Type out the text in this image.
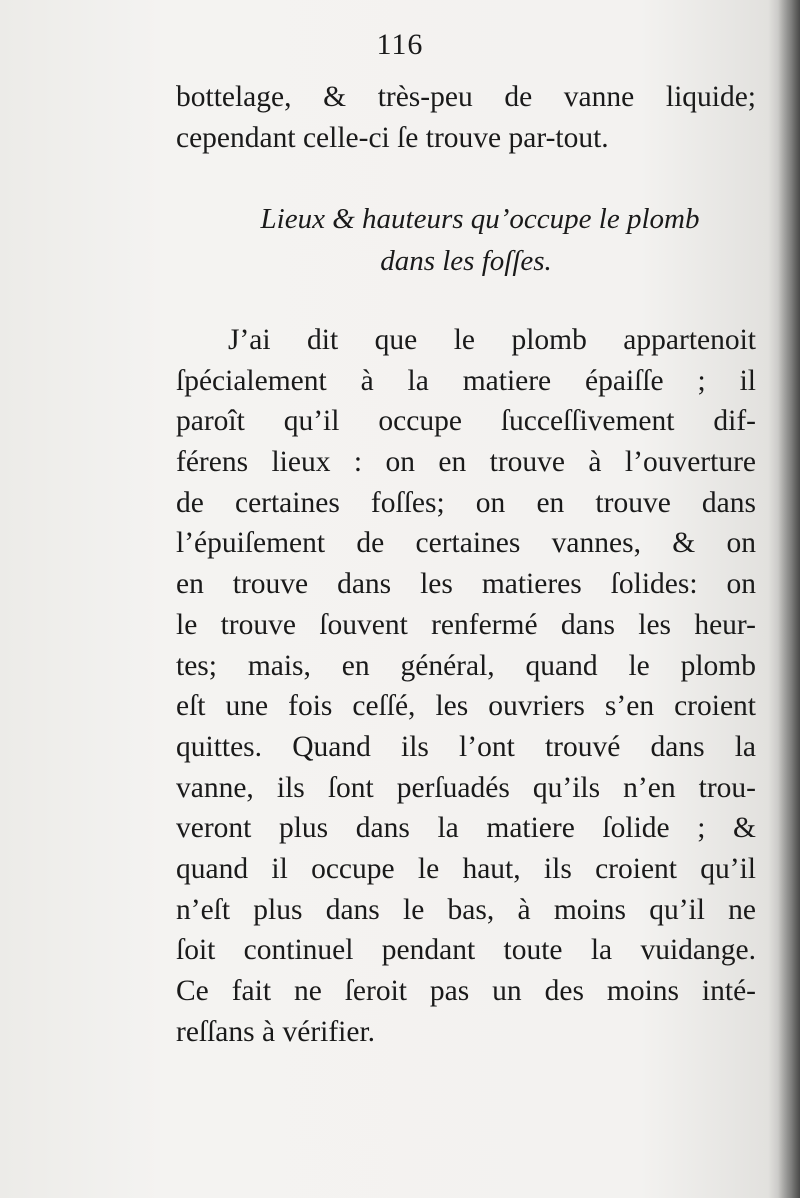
116
bottelage, & très-peu de vanne liquide;
cependant celle-ci ſe trouve par-tout.
Lieux & hauteurs qu’occupe le plomb
dans les foſſes.
J’ai dit que le plomb appartenoit
ſpécialement à la matiere épaiſſe ; il
paroît qu’il occupe ſucceſſivement dif-
férens lieux : on en trouve à l’ouverture
de certaines foſſes; on en trouve dans
l’épuiſement de certaines vannes, & on
en trouve dans les matieres ſolides: on
le trouve ſouvent renfermé dans les heur-
tes; mais, en général, quand le plomb
eſt une fois ceſſé, les ouvriers s’en croient
quittes. Quand ils l’ont trouvé dans la
vanne, ils ſont perſuadés qu’ils n’en trou-
veront plus dans la matiere ſolide ; &
quand il occupe le haut, ils croient qu’il
n’eſt plus dans le bas, à moins qu’il ne
ſoit continuel pendant toute la vuidange.
Ce fait ne ſeroit pas un des moins inté-
reſſans à vérifier.
